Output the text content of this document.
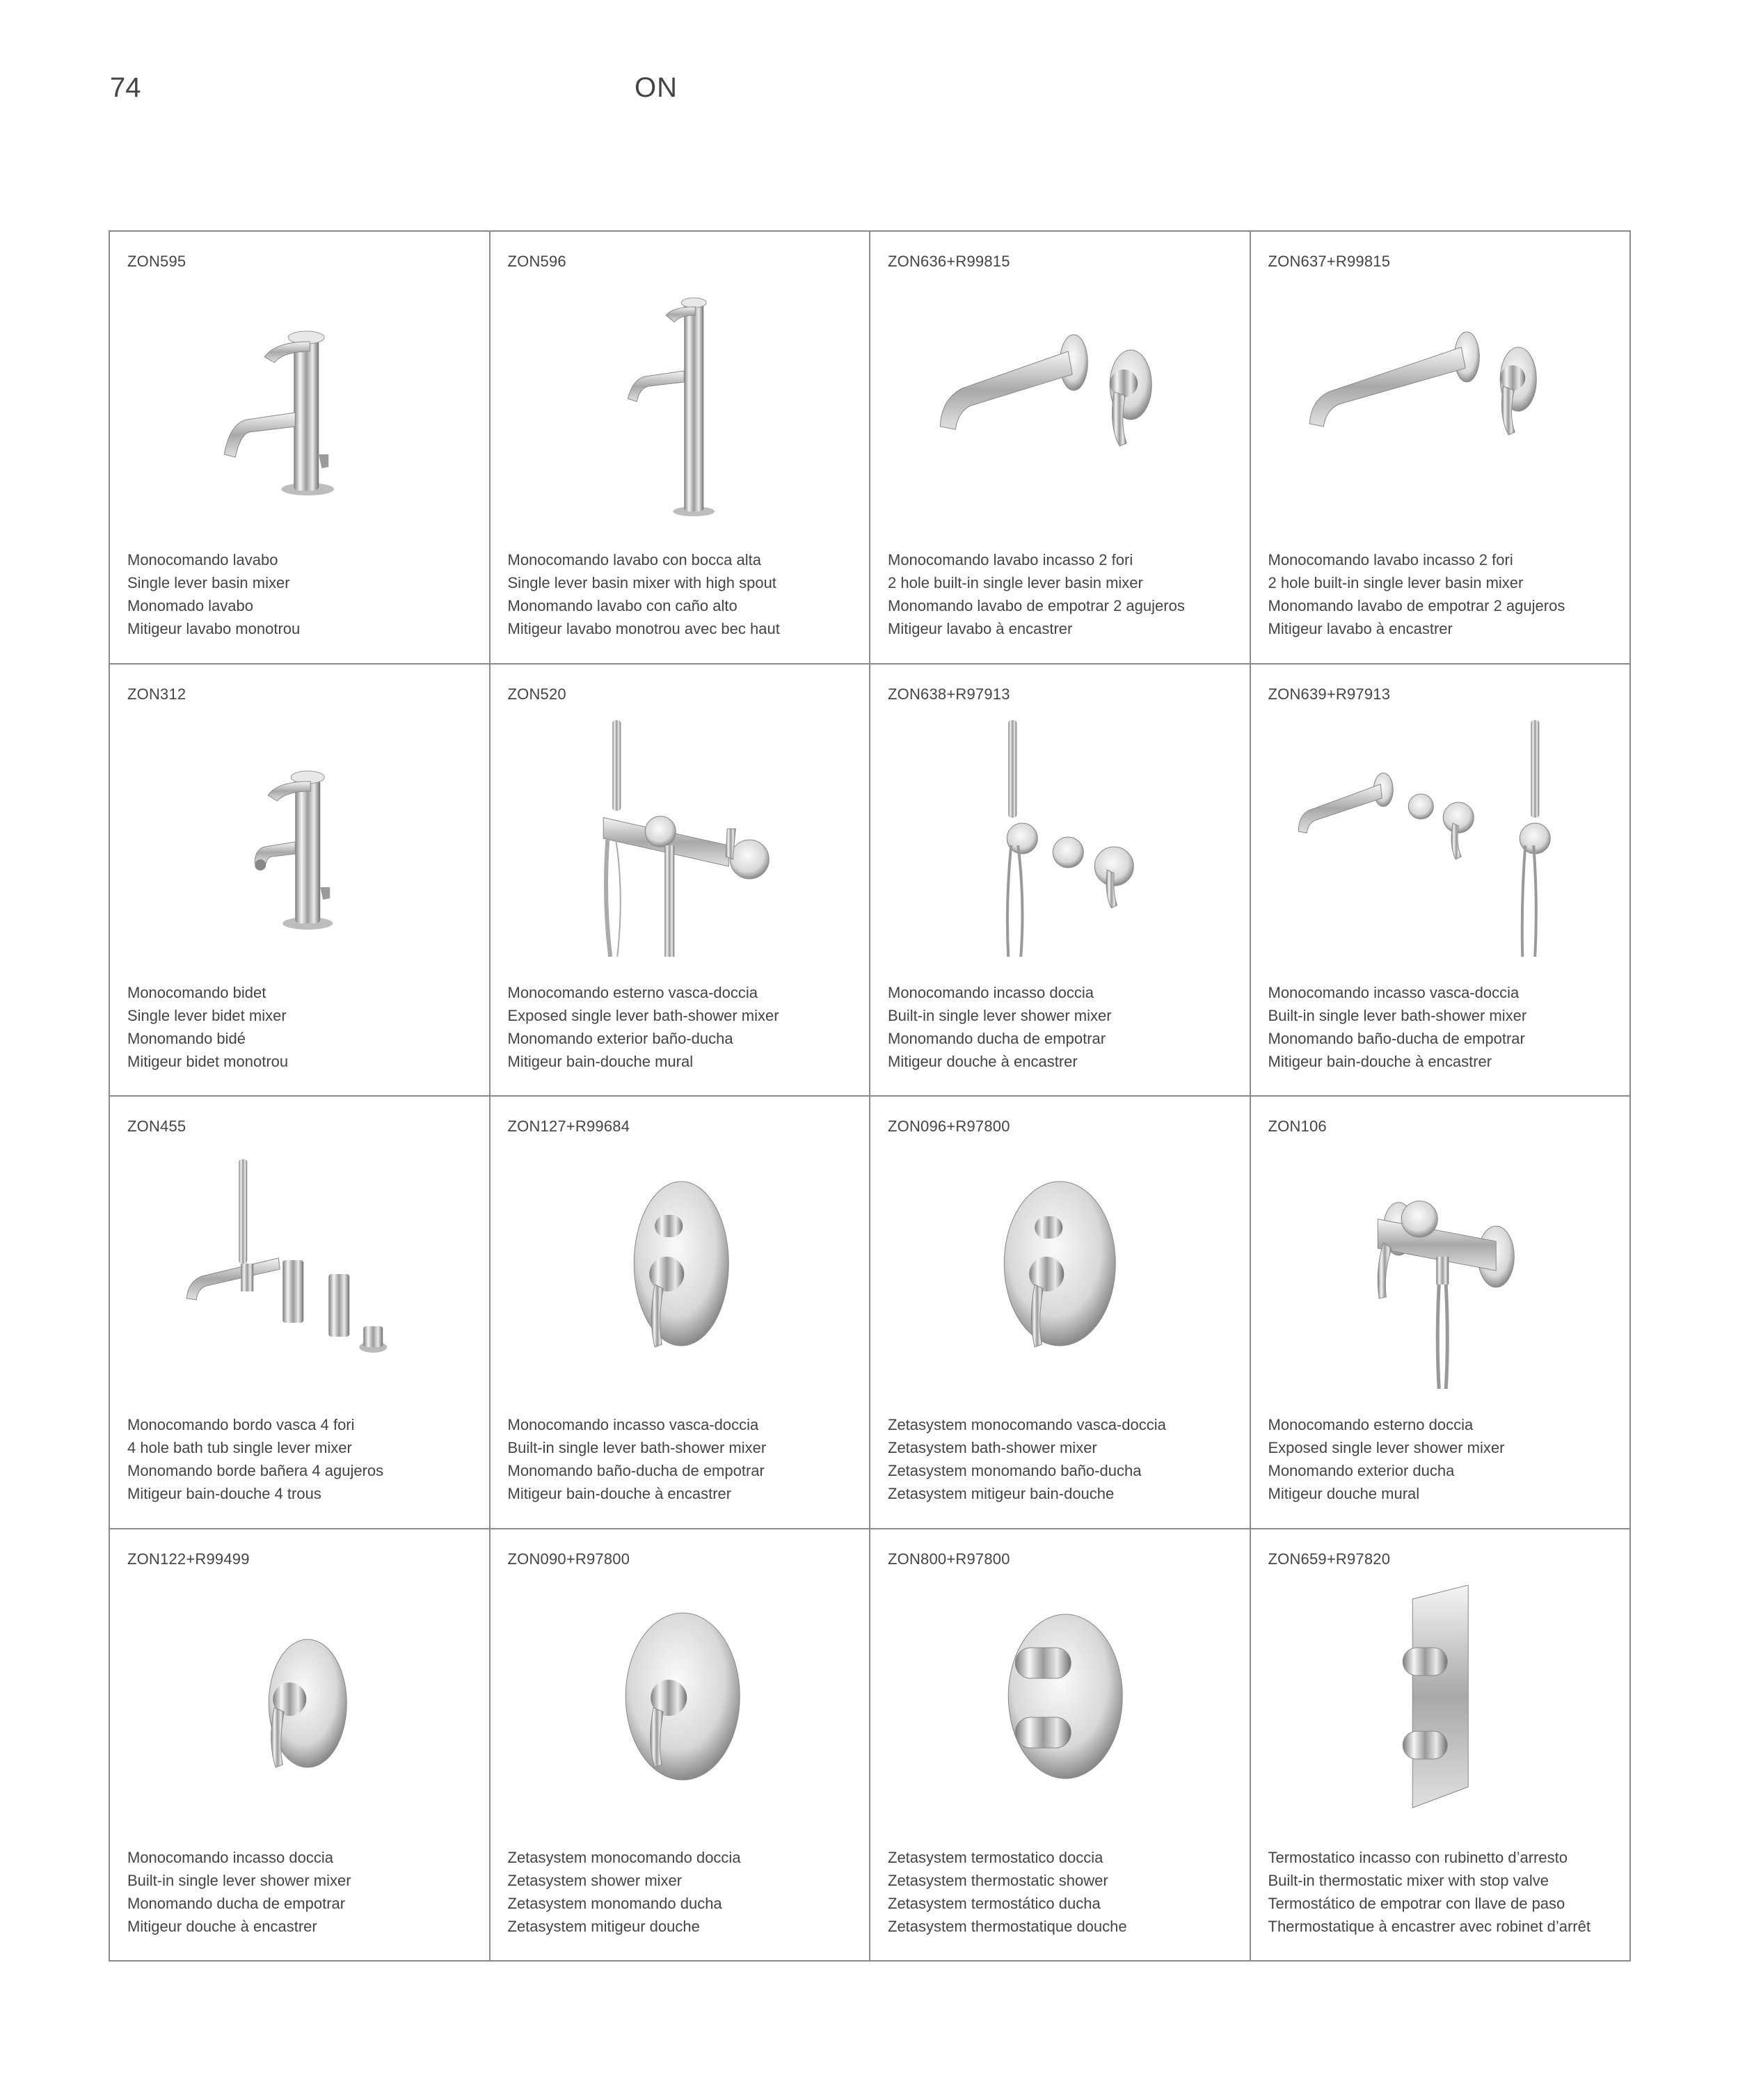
74	ON
ZON595
Monocomando lavabo
Single lever basin mixer
Monomado lavabo
Mitigeur lavabo monotrou
ZON596
Monocomando lavabo con bocca alta
Single lever basin mixer with high spout
Monomando lavabo con caño alto
Mitigeur lavabo monotrou avec bec haut
ZON636+R99815
Monocomando lavabo incasso 2 fori
2 hole built-in single lever basin mixer
Monomando lavabo de empotrar 2 agujeros
Mitigeur lavabo à encastrer
ZON637+R99815
Monocomando lavabo incasso 2 fori
2 hole built-in single lever basin mixer
Monomando lavabo de empotrar 2 agujeros
Mitigeur lavabo à encastrer
ZON312
Monocomando bidet
Single lever bidet mixer
Monomando bidé
Mitigeur bidet monotrou
ZON520
Monocomando esterno vasca-doccia
Exposed single lever bath-shower mixer
Monomando exterior baño-ducha
Mitigeur bain-douche mural
ZON638+R97913
Monocomando incasso doccia
Built-in single lever shower mixer
Monomando ducha de empotrar
Mitigeur douche à encastrer
ZON639+R97913
Monocomando incasso vasca-doccia
Built-in single lever bath-shower mixer
Monomando baño-ducha de empotrar
Mitigeur bain-douche à encastrer
ZON455
Monocomando bordo vasca 4 fori
4 hole bath tub single lever mixer
Monomando borde bañera 4 agujeros
Mitigeur bain-douche 4 trous
ZON127+R99684
Monocomando incasso vasca-doccia
Built-in single lever bath-shower mixer
Monomando baño-ducha de empotrar
Mitigeur bain-douche à encastrer
ZON096+R97800
Zetasystem monocomando vasca-doccia
Zetasystem bath-shower mixer
Zetasystem monomando baño-ducha
Zetasystem mitigeur bain-douche
ZON106
Monocomando esterno doccia
Exposed single lever shower mixer
Monomando exterior ducha
Mitigeur douche mural
ZON122+R99499
Monocomando incasso doccia
Built-in single lever shower mixer
Monomando ducha de empotrar
Mitigeur douche à encastrer
ZON090+R97800
Zetasystem monocomando doccia
Zetasystem shower mixer
Zetasystem monomando ducha
Zetasystem mitigeur douche
ZON800+R97800
Zetasystem termostatico doccia
Zetasystem thermostatic shower
Zetasystem termostático ducha
Zetasystem thermostatique douche
ZON659+R97820
Termostatico incasso con rubinetto d’arresto
Built-in thermostatic mixer with stop valve
Termostático de empotrar con llave de paso
Thermostatique à encastrer avec robinet d’arrêt
